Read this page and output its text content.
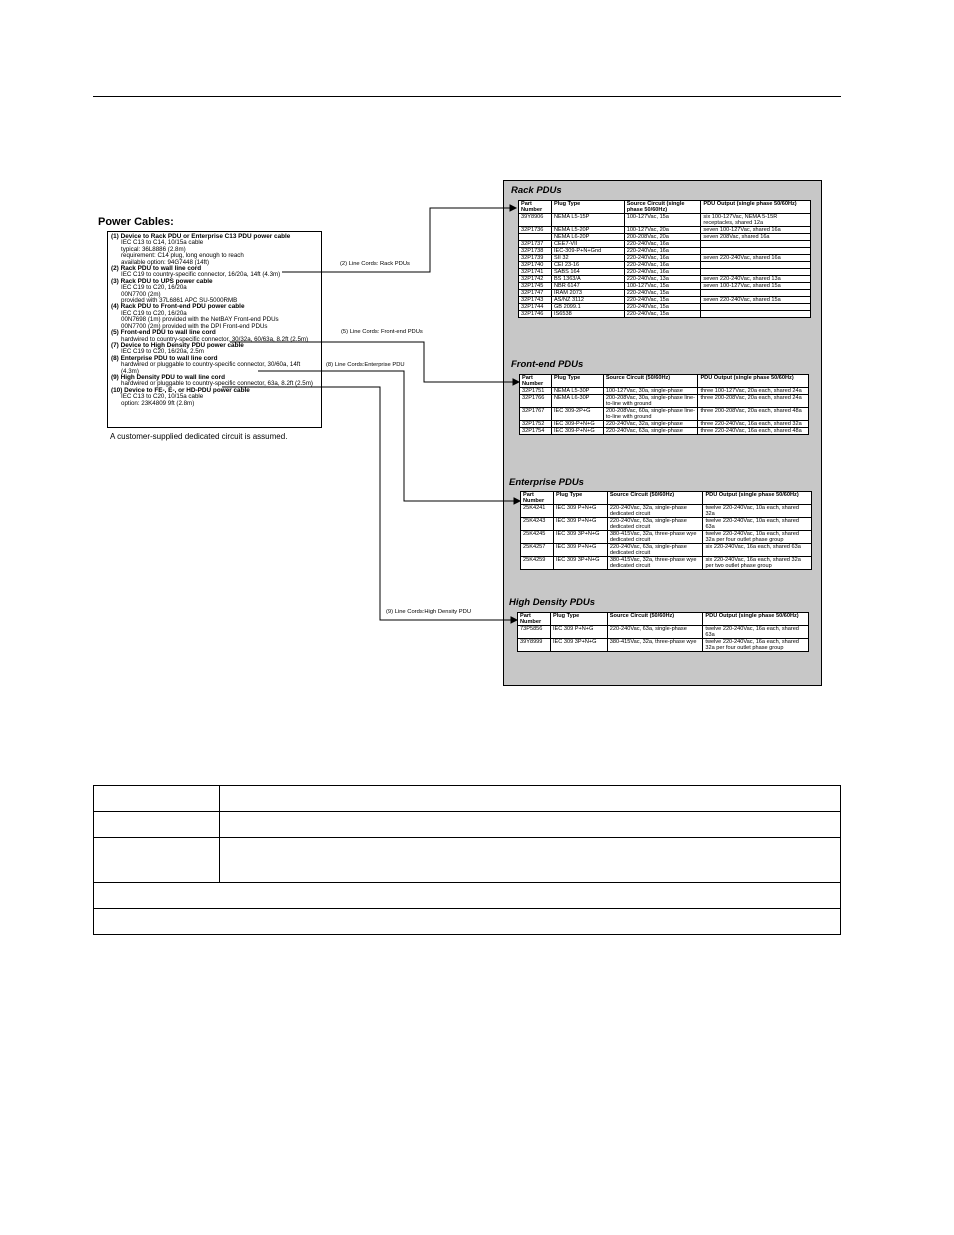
Power Cables:
(1) Device to Rack PDU or Enterprise C13 PDU power cable
IEC C13 to C14, 10/15a cable
typical: 36L8886 (2.8m)
requirement: C14 plug, long enough to reach
available option: 94G7448 (14ft)
(2) Rack PDU to wall line cord
IEC C19 to country-specific connector, 16/20a, 14ft (4.3m)
(3) Rack PDU to UPS power cable
IEC C19 to C20, 16/20a
00N7700 (2m)
provided with 37L6861 APC SU-5000RMB
(4) Rack PDU to Front-end PDU power cable
IEC C19 to C20, 16/20a
00N7698 (1m) provided with the NetBAY Front-end PDUs
00N7700 (2m) provided with the DPI Front-end PDUs
(5) Front-end PDU to wall line cord
hardwired to country-specific connector, 30/32a, 60/63a, 8.2ft (2.5m)
(7) Device to High Density PDU power cable
IEC C19 to C20, 16/20a, 2.5m
(8) Enterprise PDU to wall line cord
hardwired or pluggable to country-specific connector, 30/60a, 14ft
(4.3m)
(9) High Density PDU to wall line cord
hardwired or pluggable to country-specific connector, 63a, 8.2ft (2.5m)
(10) Device to FE-, E-, or HD-PDU power cable
IEC C13 to C20, 10/15a cable
option: 23K4809 9ft (2.8m)
A customer-supplied dedicated circuit is assumed.
(2) Line Cords: Rack PDUs
(5) Line Cords: Front-end PDUs
(8) Line Cords:Enterprise PDU
(9) Line Cords:High Density PDU
Rack PDUs
Part Number	Plug Type	Source Circuit (single phase 50/60Hz)	PDU Output (single phase 50/60Hz)
39Y8906	NEMA L5-15P	100-127Vac, 15a	six 100-127Vac, NEMA 5-15R receptacles, shared 12a
32P1736	NEMA L5-20P	100-127Vac, 20a	seven 100-127Vac, shared 16a
	NEMA L6-20P	200-208Vac, 20a	seven 208Vac, shared 16a
32P1737	CEE7-VII	220-240Vac, 16a	
32P1738	IEC-309-P+N+Gnd	220-240Vac, 16a	
32P1739	SII 32	220-240Vac, 16a	seven 220-240Vac, shared 16a
32P1740	CEI 23-16	220-240Vac, 16a	
32P1741	SABS 164	220-240Vac, 16a	
32P1742	BS 1363/A	220-240Vac, 13a	seven 220-240Vac, shared 13a
32P1745	NBR 6147	100-127Vac, 15a	seven 100-127Vac, shared 15a
32P1747	IRAM 2073	220-240Vac, 15a	
32P1743	AS/NZ 3112	220-240Vac, 15a	seven 220-240Vac, shared 15a
32P1744	GB 2099.1	220-240Vac, 15a	
32P1746	IS6538	220-240Vac, 15a	
Front-end PDUs
Part Number	Plug Type	Source Circuit (50/60Hz)	PDU Output (single phase 50/60Hz)
32P1751	NEMA L5-30P	100-127Vac, 30a, single-phase	three 100-127Vac, 20a each, shared 24a
32P1766	NEMA L6-30P	200-208Vac, 30a, single-phase line-to-line with ground	three 200-208Vac, 20a each, shared 24a
32P1767	IEC 309-2P+G	200-208Vac, 60a, single-phase line-to-line with ground	three 200-208Vac, 20a each, shared 48a
32P1752	IEC 309-P+N+G	220-240Vac, 32a, single-phase	three 220-240Vac, 16a each, shared 32a
32P1754	IEC 309-P+N+G	220-240Vac, 63a, single-phase	three 220-240Vac, 16a each, shared 48a
Enterprise PDUs
Part Number	Plug Type	Source Circuit (50/60Hz)	PDU Output (single phase 50/60Hz)
25K4241	IEC 309 P+N+G	220-240Vac, 32a, single-phase dedicated circuit	twelve 220-240Vac, 10a each, shared 32a
25K4243	IEC 309 P+N+G	220-240Vac, 63a, single-phase dedicated circuit	twelve 220-240Vac, 10a each, shared 63a
25K4245	IEC 309 3P+N+G	380-415Vac, 32a, three-phase wye dedicated circuit	twelve 220-240Vac, 10a each, shared 32a per four outlet phase group
25K4257	IEC 309 P+N+G	220-240Vac, 63a, single-phase dedicated circuit	six 220-240Vac, 16a each, shared 63a
25K4259	IEC 309 3P+N+G	380-415Vac, 32a, three-phase wye dedicated circuit	six 220-240Vac, 16a each, shared 32a per two outlet phase group
High Density PDUs
Part Number	Plug Type	Source Circuit (50/60Hz)	PDU Output (single phase 50/60Hz)
73P5856	IEC 309 P+N+G	220-240Vac, 63a, single-phase	twelve 220-240Vac, 16a each, shared 63a
39Y8999	IEC 309 3P+N+G	380-415Vac, 32a, three-phase wye	twelve 220-240Vac, 16a each, shared 32a per four outlet phase group
